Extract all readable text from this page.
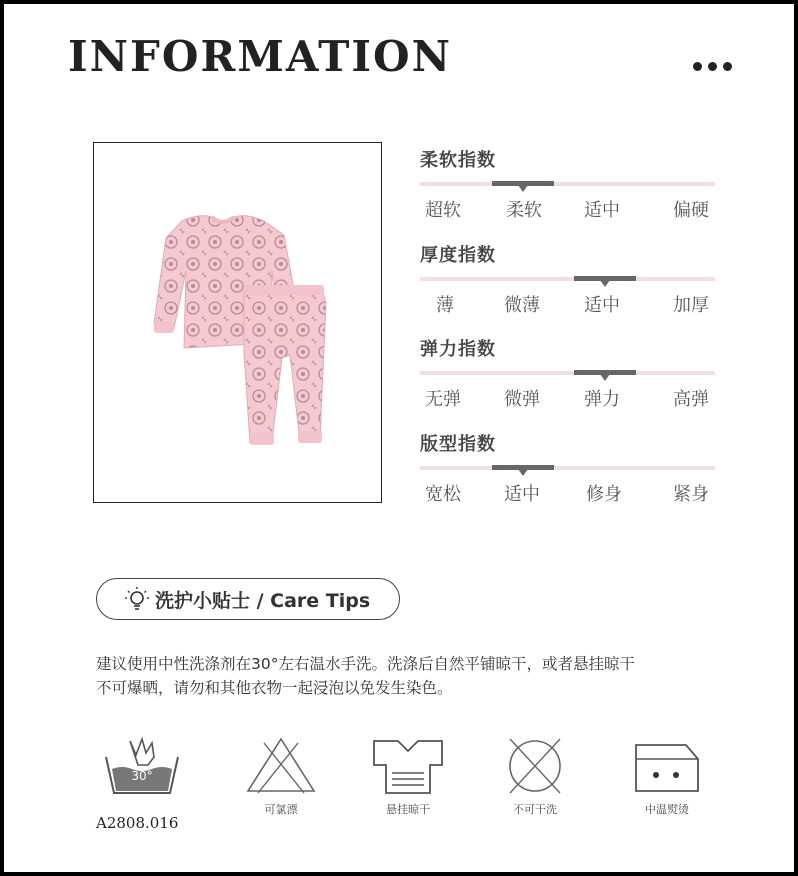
INFORMATION
柔软指数
超软	柔软 适中	偏硬
厚度指数
薄	微薄 适中	加厚
弹力指数
无弹 微弹 弹力	高弹
版型指数
宽松 适中	修身	紧身
洗护小贴士 / Care Tips

建议使用中性洗涤剂在30°左右温水手洗。洗涤后自然平铺晾干，或者悬挂晾干

不可爆晒，请勿和其他衣物一起浸泡以免发生染色。

30°
可氯漂	悬挂晾干	不可干洗	中温熨烫
A2808.016
